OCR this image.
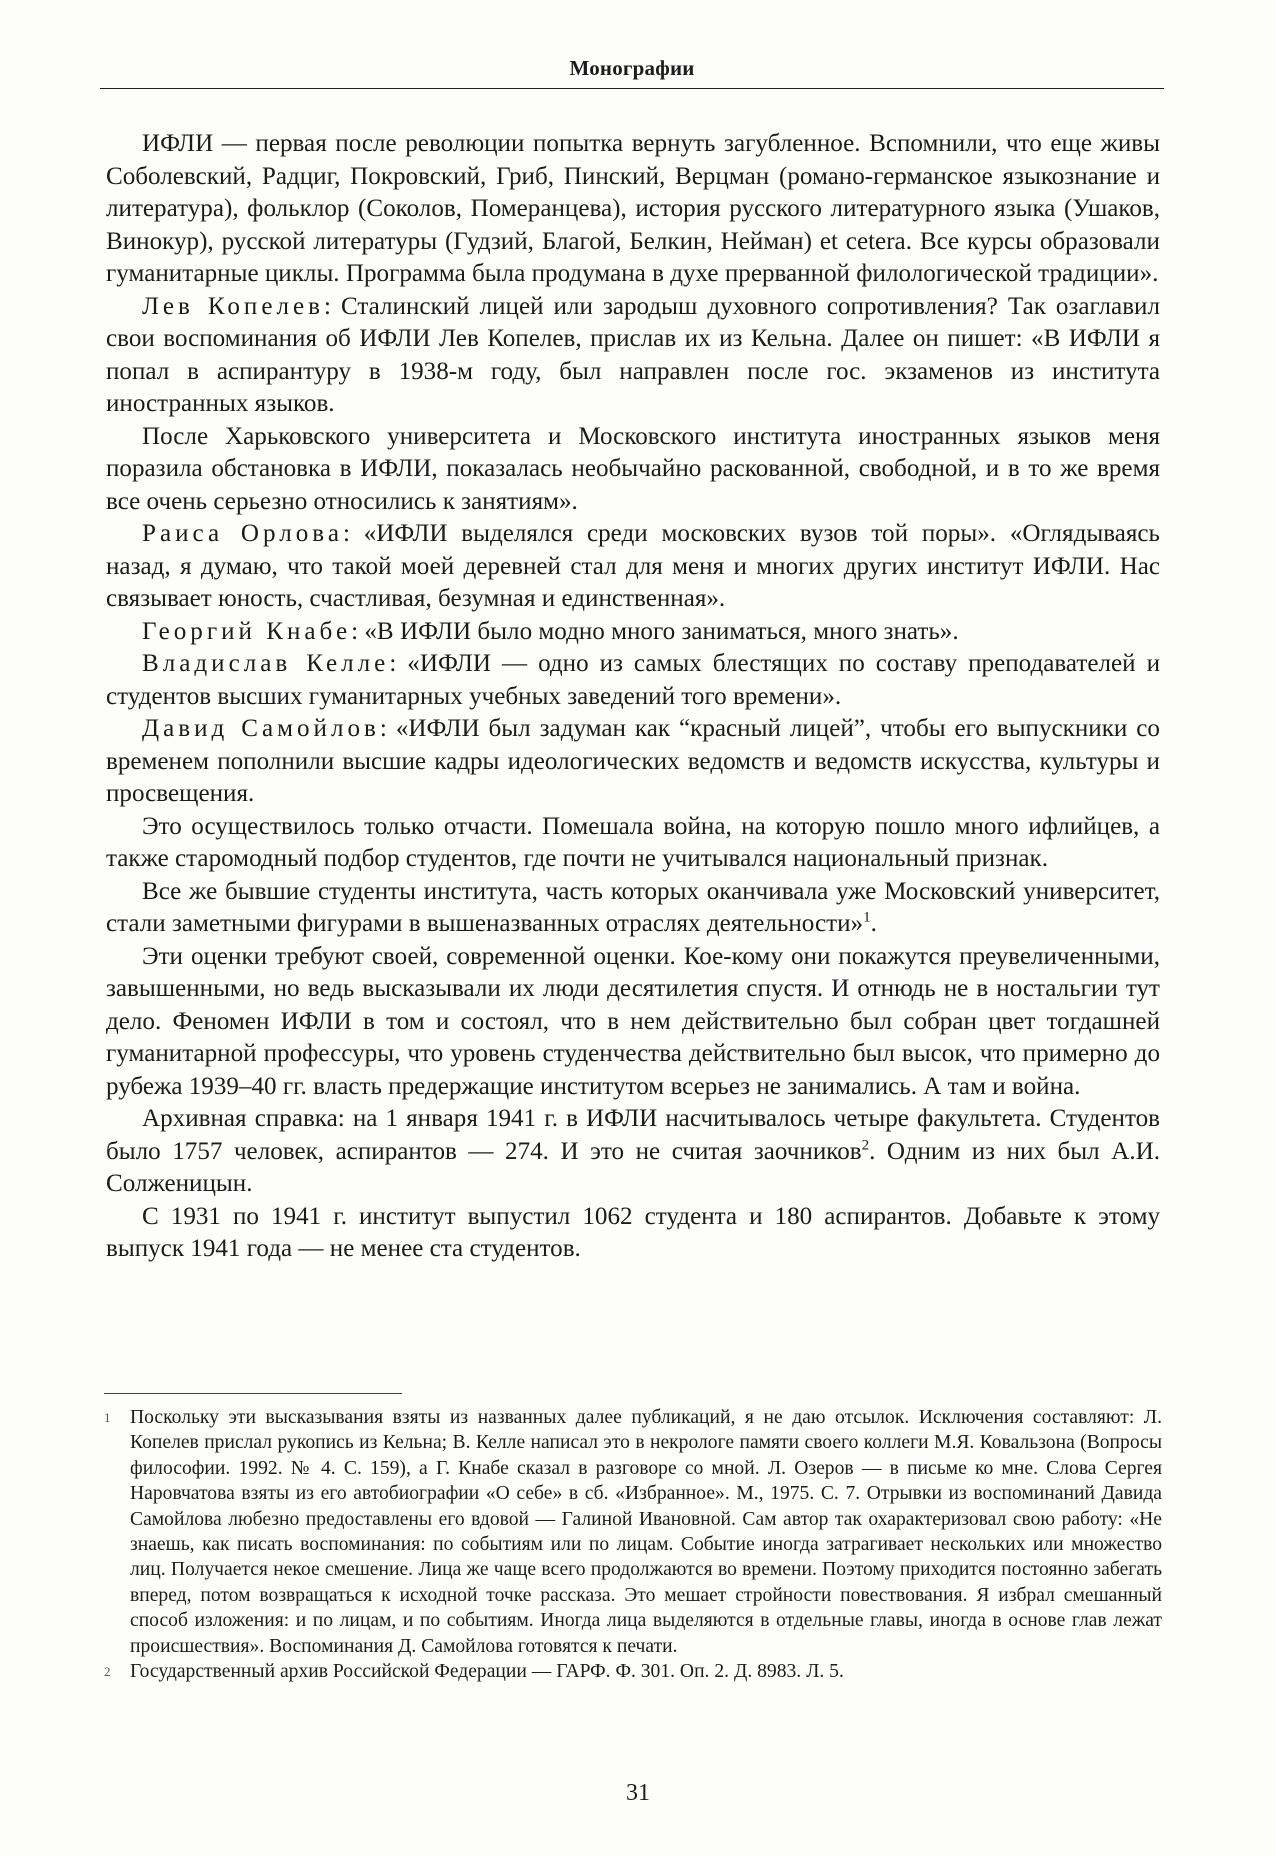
Монографии

ИФЛИ — первая после революции попытка вернуть загубленное. Вспомнили, что еще живы Соболевский, Радциг, Покровский, Гриб, Пинский, Верцман (романо-германское языкознание и литература), фольклор (Соколов, Померанцева), история русского литературного языка (Ушаков, Винокур), русской литературы (Гудзий, Благой, Белкин, Нейман) et cetera. Все курсы образовали гуманитарные циклы. Программа была продумана в духе прерванной филологической традиции».

Лев Копелев: Сталинский лицей или зародыш духовного сопротивления? Так озаглавил свои воспоминания об ИФЛИ Лев Копелев, прислав их из Кельна. Далее он пишет: «В ИФЛИ я попал в аспирантуру в 1938-м году, был направлен после гос. экзаменов из института иностранных языков.

После Харьковского университета и Московского института иностранных языков меня поразила обстановка в ИФЛИ, показалась необычайно раскованной, свободной, и в то же время все очень серьезно относились к занятиям».

Раиса Орлова: «ИФЛИ выделялся среди московских вузов той поры». «Оглядываясь назад, я думаю, что такой моей деревней стал для меня и многих других институт ИФЛИ. Нас связывает юность, счастливая, безумная и единственная».

Георгий Кнабе: «В ИФЛИ было модно много заниматься, много знать».

Владислав Келле: «ИФЛИ — одно из самых блестящих по составу преподавателей и студентов высших гуманитарных учебных заведений того времени».

Давид Самойлов: «ИФЛИ был задуман как “красный лицей”, чтобы его выпускники со временем пополнили высшие кадры идеологических ведомств и ведомств искусства, культуры и просвещения.

Это осуществилось только отчасти. Помешала война, на которую пошло много ифлийцев, а также старомодный подбор студентов, где почти не учитывался национальный признак.

Все же бывшие студенты института, часть которых оканчивала уже Московский университет, стали заметными фигурами в вышеназванных отраслях деятельности»$^1$.

Эти оценки требуют своей, современной оценки. Кое-кому они покажутся преувеличенными, завышенными, но ведь высказывали их люди десятилетия спустя. И отнюдь не в ностальгии тут дело. Феномен ИФЛИ в том и состоял, что в нем действительно был собран цвет тогдашней гуманитарной профессуры, что уровень студенчества действительно был высок, что примерно до рубежа 1939–40 гг. власть предержащие институтом всерьез не занимались. А там и война.

Архивная справка: на 1 января 1941 г. в ИФЛИ насчитывалось четыре факультета. Студентов было 1757 человек, аспирантов — 274. И это не считая заочников$^2$. Одним из них был А.И. Солженицын.

С 1931 по 1941 г. институт выпустил 1062 студента и 180 аспирантов. Добавьте к этому выпуск 1941 года — не менее ста студентов.

1 Поскольку эти высказывания взяты из названных далее публикаций, я не даю отсылок. Исключения составляют: Л. Копелев прислал рукопись из Кельна; В. Келле написал это в некрологе памяти своего коллеги М.Я. Ковальзона (Вопросы философии. 1992. № 4. С. 159), а Г. Кнабе сказал в разговоре со мной. Л. Озеров — в письме ко мне. Слова Сергея Наровчатова взяты из его автобиографии «О себе» в сб. «Избранное». М., 1975. С. 7. Отрывки из воспоминаний Давида Самойлова любезно предоставлены его вдовой — Галиной Ивановной. Сам автор так охарактеризовал свою работу: «Не знаешь, как писать воспоминания: по событиям или по лицам. Событие иногда затрагивает нескольких или множество лиц. Получается некое смешение. Лица же чаще всего продолжаются во времени. Поэтому приходится постоянно забегать вперед, потом возвращаться к исходной точке рассказа. Это мешает стройности повествования. Я избрал смешанный способ изложения: и по лицам, и по событиям. Иногда лица выделяются в отдельные главы, иногда в основе глав лежат происшествия». Воспоминания Д. Самойлова готовятся к печати.

2 Государственный архив Российской Федерации — ГАРФ. Ф. 301. Оп. 2. Д. 8983. Л. 5.

31
